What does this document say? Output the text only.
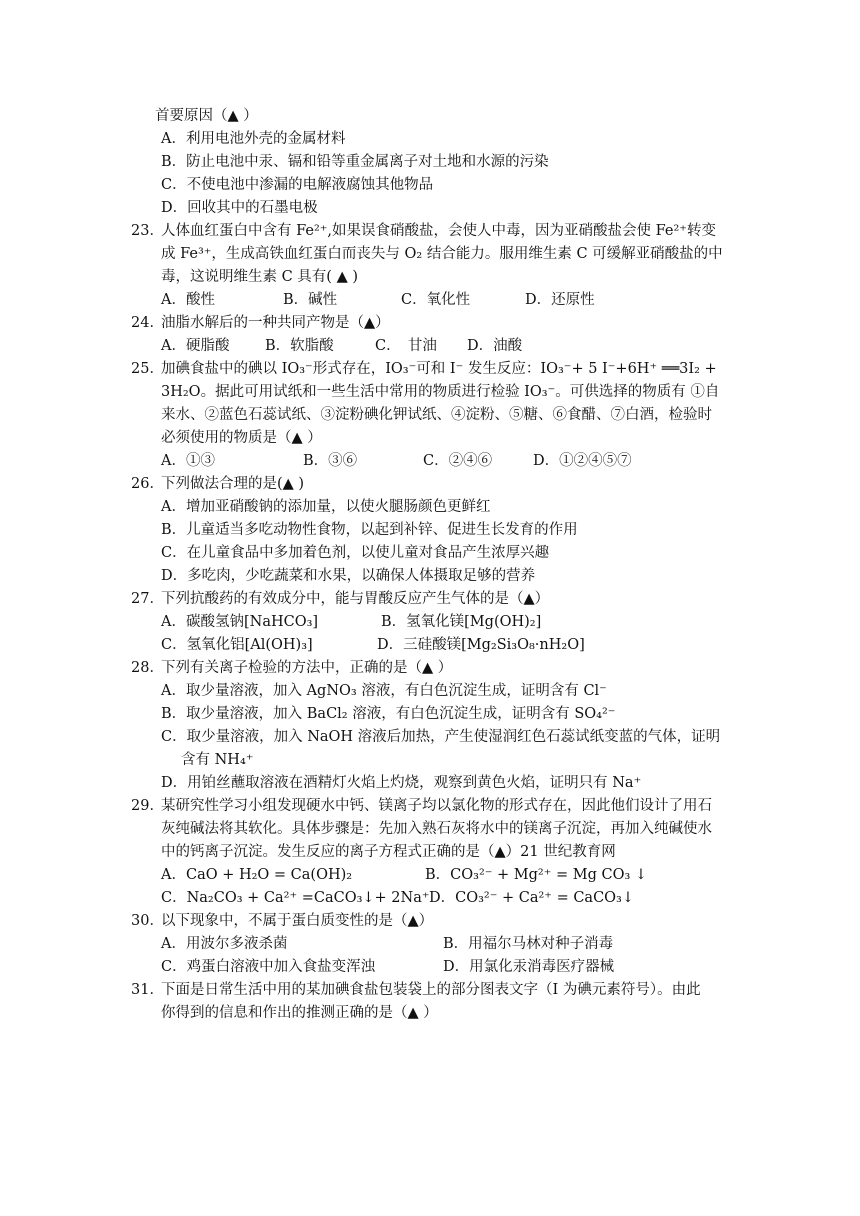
首要原因（▲ ）
A．利用电池外壳的金属材料
B．防止电池中汞、镉和铅等重金属离子对土地和水源的污染
C．不使电池中渗漏的电解液腐蚀其他物品
D．回收其中的石墨电极
23．人体血红蛋白中含有 Fe²⁺,如果误食硝酸盐，会使人中毒，因为亚硝酸盐会使 Fe²⁺转变
成 Fe³⁺，生成高铁血红蛋白而丧失与 O₂ 结合能力。服用维生素 C 可缓解亚硝酸盐的中
毒，这说明维生素 C 具有( ▲ )
A．酸性	B．碱性	C．氧化性	D．还原性
24．油脂水解后的一种共同产物是（▲）
A．硬脂酸 B．软脂酸	C．　甘油 D．油酸
25．加碘食盐中的碘以 IO₃⁻形式存在，IO₃⁻可和 I⁻ 发生反应：IO₃⁻+ 5 I⁻+6H⁺ ══3I₂ +
3H₂O。据此可用试纸和一些生活中常用的物质进行检验 IO₃⁻。可供选择的物质有 ①自
来水、②蓝色石蕊试纸、③淀粉碘化钾试纸、④淀粉、⑤糖、⑥食醋、⑦白酒，检验时
必须使用的物质是（▲ ）
A．①③	B．③⑥	C．②④⑥	D．①②④⑤⑦
26．下列做法合理的是(▲ )
A．增加亚硝酸钠的添加量，以使火腿肠颜色更鲜红
B．儿童适当多吃动物性食物，以起到补锌、促进生长发育的作用
C．在儿童食品中多加着色剂，以使儿童对食品产生浓厚兴趣
D．多吃肉，少吃蔬菜和水果，以确保人体摄取足够的营养
27．下列抗酸药的有效成分中，能与胃酸反应产生气体的是（▲）
A．碳酸氢钠[NaHCO₃]	B．氢氧化镁[Mg(OH)₂]
C．氢氧化铝[Al(OH)₃]	D．三硅酸镁[Mg₂Si₃O₈·nH₂O]
28．下列有关离子检验的方法中，正确的是（▲ ）
A．取少量溶液，加入 AgNO₃ 溶液，有白色沉淀生成，证明含有 Cl⁻
B．取少量溶液，加入 BaCl₂ 溶液，有白色沉淀生成，证明含有 SO₄²⁻
C．取少量溶液，加入 NaOH 溶液后加热，产生使湿润红色石蕊试纸变蓝的气体，证明
含有 NH₄⁺
D．用铂丝蘸取溶液在酒精灯火焰上灼烧，观察到黄色火焰，证明只有 Na⁺
29．某研究性学习小组发现硬水中钙、镁离子均以氯化物的形式存在，因此他们设计了用石
灰纯碱法将其软化。具体步骤是：先加入熟石灰将水中的镁离子沉淀，再加入纯碱使水
中的钙离子沉淀。发生反应的离子方程式正确的是（▲）21 世纪教育网
A．CaO + H₂O = Ca(OH)₂	B．CO₃²⁻ + Mg²⁺ = Mg CO₃ ↓
C．Na₂CO₃ + Ca²⁺ =CaCO₃↓+ 2Na⁺ D．CO₃²⁻ + Ca²⁺ = CaCO₃↓
30．以下现象中，不属于蛋白质变性的是（▲）
A．用波尔多液杀菌	B．用福尔马林对种子消毒
C．鸡蛋白溶液中加入食盐变浑浊	D．用氯化汞消毒医疗器械
31．下面是日常生活中用的某加碘食盐包装袋上的部分图表文字（I 为碘元素符号）。由此
你得到的信息和作出的推测正确的是（▲ ）
